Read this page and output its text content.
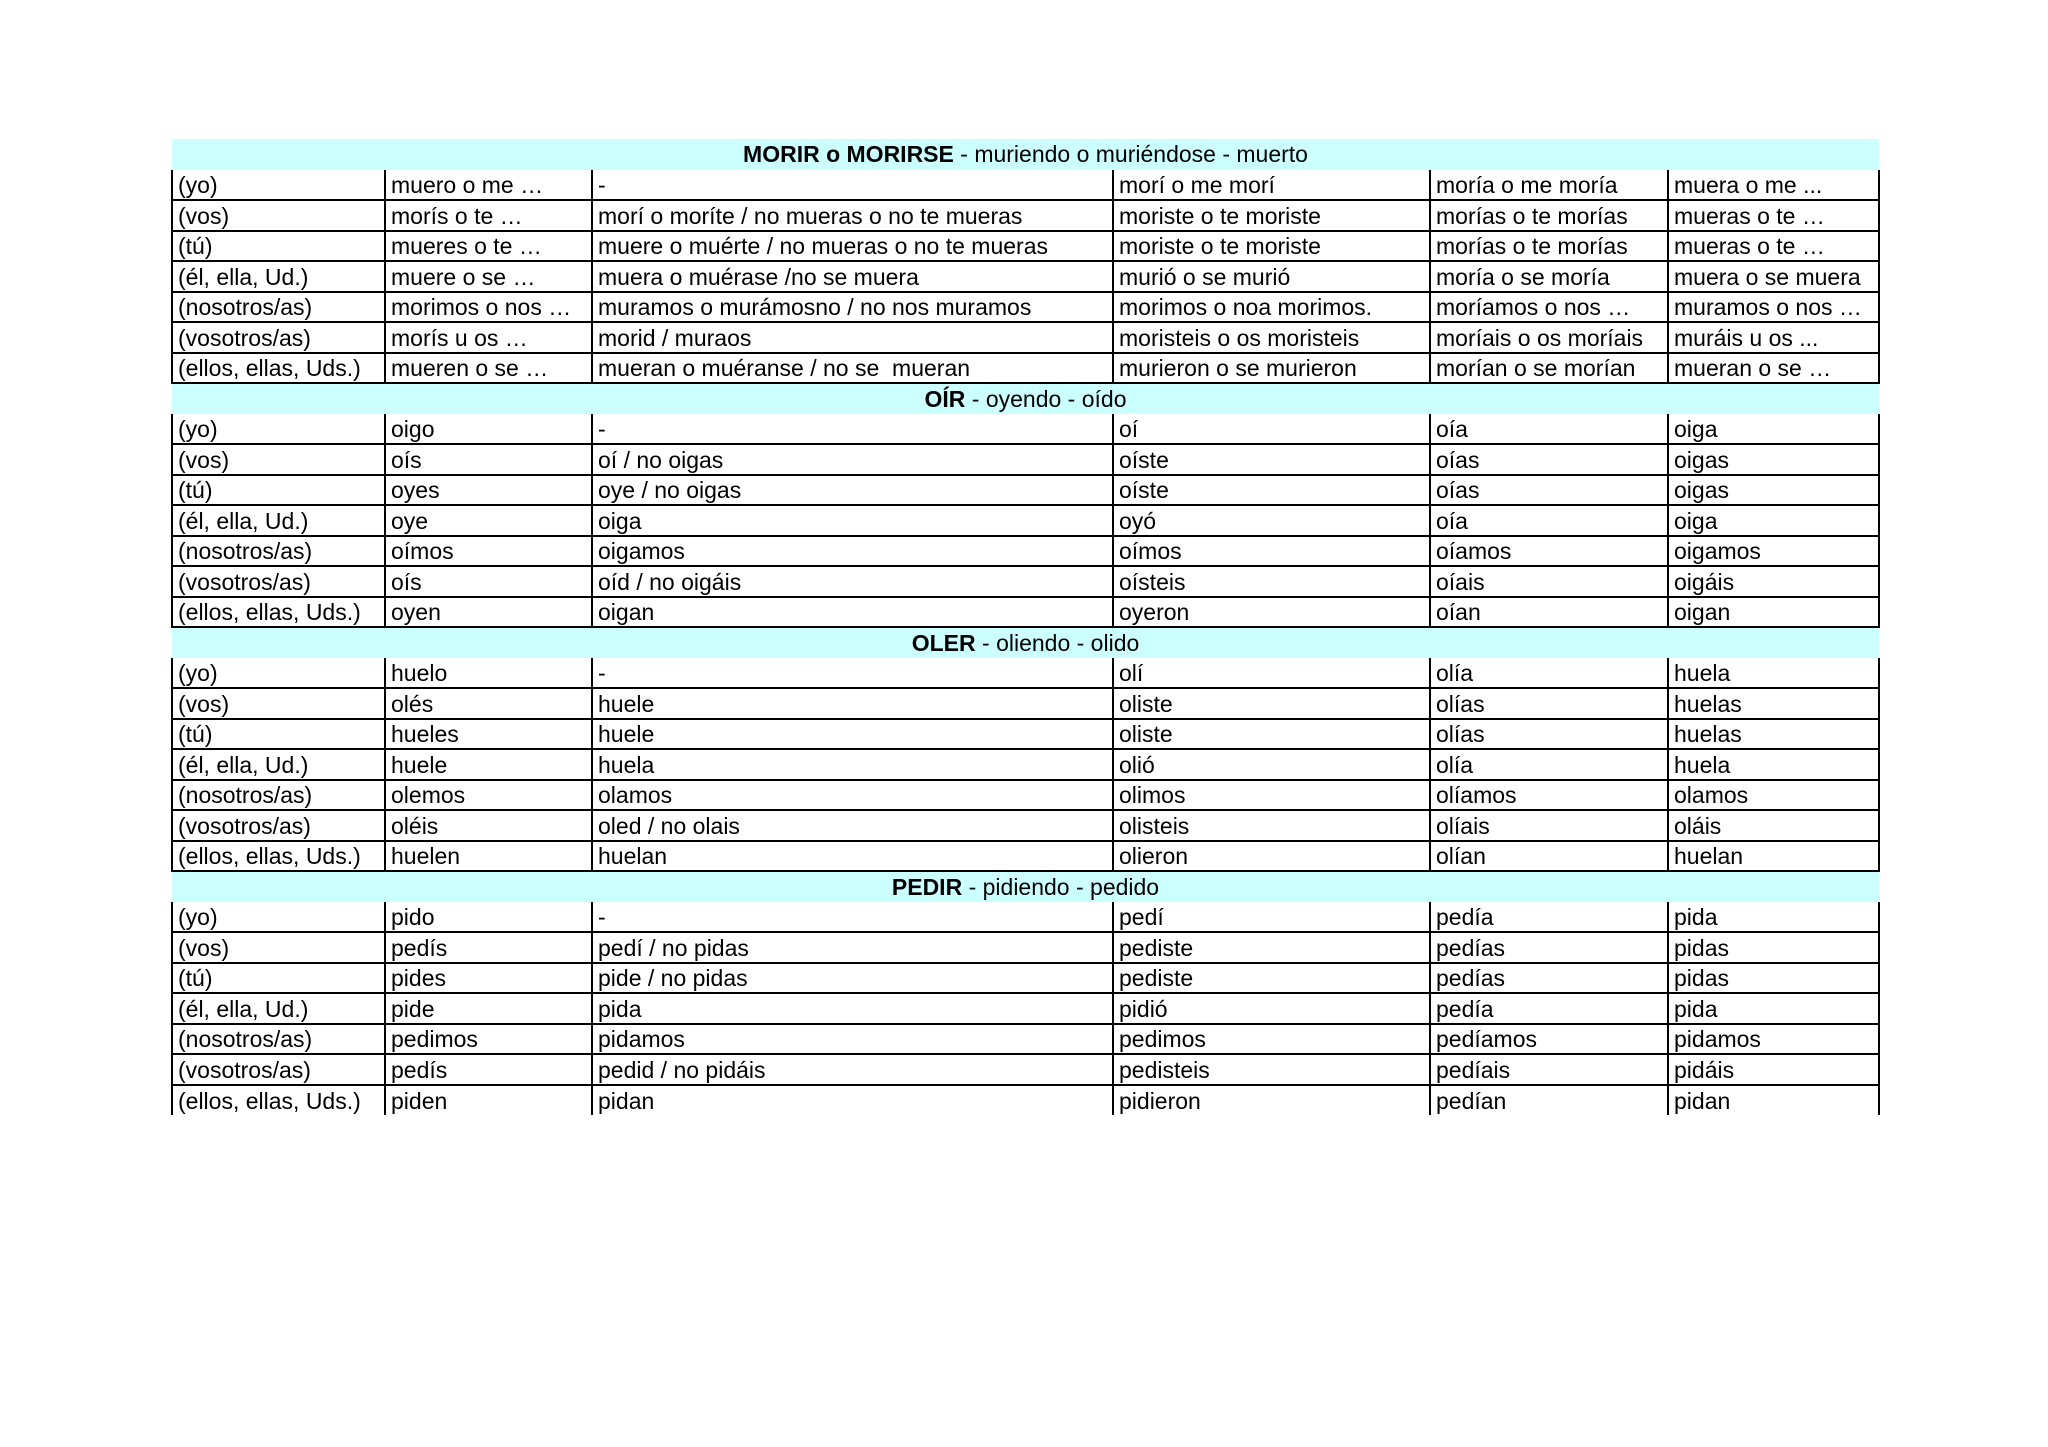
MORIR o MORIRSE - muriendo o muriéndose - muerto					
(yo)	muero o me …	-	morí o me morí	moría o me moría	muera o me ...
(vos)	morís o te …	morí o moríte / no mueras o no te mueras	moriste o te moriste	morías o te morías	mueras o te …
(tú)	mueres o te …	muere o muérte / no mueras o no te mueras	moriste o te moriste	morías o te morías	mueras o te …
(él, ella, Ud.)	muere o se …	muera o muérase /no se muera	murió o se murió	moría o se moría	muera o se muera
(nosotros/as)	morimos o nos …	muramos o murámosno / no nos muramos	morimos o noa morimos.	moríamos o nos …	muramos o nos …
(vosotros/as)	morís u os …	morid / muraos	moristeis o os moristeis	moríais o os moríais	muráis u os ...
(ellos, ellas, Uds.)	mueren o se …	mueran o muéranse / no se  mueran	murieron o se murieron	morían o se morían	mueran o se …
OÍR - oyendo - oído					
(yo)	oigo	-	oí	oía	oiga
(vos)	oís	oí / no oigas	oíste	oías	oigas
(tú)	oyes	oye / no oigas	oíste	oías	oigas
(él, ella, Ud.)	oye	oiga	oyó	oía	oiga
(nosotros/as)	oímos	oigamos	oímos	oíamos	oigamos
(vosotros/as)	oís	oíd / no oigáis	oísteis	oíais	oigáis
(ellos, ellas, Uds.)	oyen	oigan	oyeron	oían	oigan
OLER - oliendo - olido					
(yo)	huelo	-	olí	olía	huela
(vos)	olés	huele	oliste	olías	huelas
(tú)	hueles	huele	oliste	olías	huelas
(él, ella, Ud.)	huele	huela	olió	olía	huela
(nosotros/as)	olemos	olamos	olimos	olíamos	olamos
(vosotros/as)	oléis	oled / no olais	olisteis	olíais	oláis
(ellos, ellas, Uds.)	huelen	huelan	olieron	olían	huelan
PEDIR - pidiendo - pedido					
(yo)	pido	-	pedí	pedía	pida
(vos)	pedís	pedí / no pidas	pediste	pedías	pidas
(tú)	pides	pide / no pidas	pediste	pedías	pidas
(él, ella, Ud.)	pide	pida	pidió	pedía	pida
(nosotros/as)	pedimos	pidamos	pedimos	pedíamos	pidamos
(vosotros/as)	pedís	pedid / no pidáis	pedisteis	pedíais	pidáis
(ellos, ellas, Uds.)	piden	pidan	pidieron	pedían	pidan
